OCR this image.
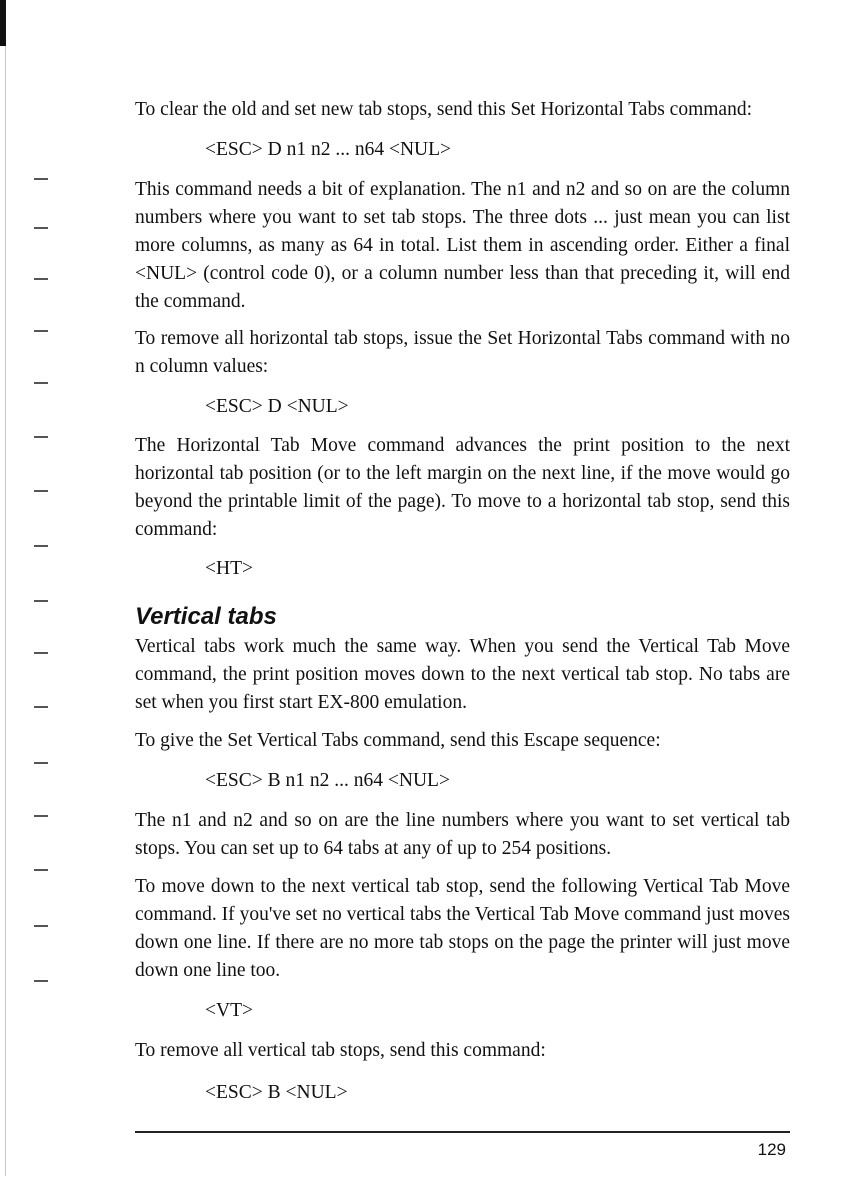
To clear the old and set new tab stops, send this Set Horizontal Tabs command:

<ESC> D n1 n2 ... n64 <NUL>

This command needs a bit of explanation. The n1 and n2 and so on are the column numbers where you want to set tab stops. The three dots ... just mean you can list more columns, as many as 64 in total. List them in ascending order. Either a final <NUL> (control code 0), or a column number less than that preceding it, will end the command.

To remove all horizontal tab stops, issue the Set Horizontal Tabs command with no n column values:

<ESC> D <NUL>

The Horizontal Tab Move command advances the print position to the next horizontal tab position (or to the left margin on the next line, if the move would go beyond the printable limit of the page). To move to a horizontal tab stop, send this command:

<HT>
Vertical tabs

Vertical tabs work much the same way. When you send the Vertical Tab Move command, the print position moves down to the next vertical tab stop. No tabs are set when you first start EX-800 emulation.

To give the Set Vertical Tabs command, send this Escape sequence:

<ESC> B n1 n2 ... n64 <NUL>

The n1 and n2 and so on are the line numbers where you want to set vertical tab stops. You can set up to 64 tabs at any of up to 254 positions.

To move down to the next vertical tab stop, send the following Vertical Tab Move command. If you've set no vertical tabs the Vertical Tab Move command just moves down one line. If there are no more tab stops on the page the printer will just move down one line too.

<VT>

To remove all vertical tab stops, send this command:

<ESC> B <NUL>
129
